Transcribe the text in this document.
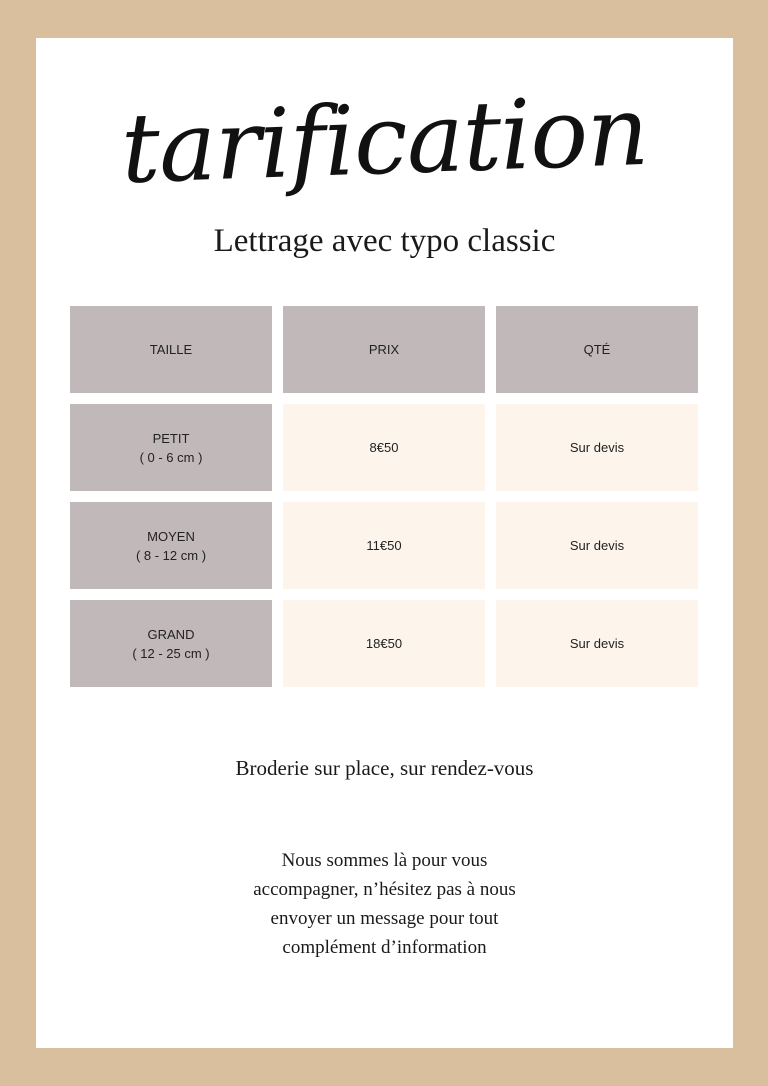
tarification
Lettrage avec typo classic
TAILLE	PRIX	QTÉ
PETIT
( 0 - 6 cm )
8€50	Sur devis
MOYEN
( 8 - 12 cm )
11€50	Sur devis
GRAND
( 12 - 25 cm )
18€50	Sur devis
Broderie sur place, sur rendez-vous
Nous sommes là pour vous
accompagner, n’hésitez pas à nous
envoyer un message pour tout
complément d’information
